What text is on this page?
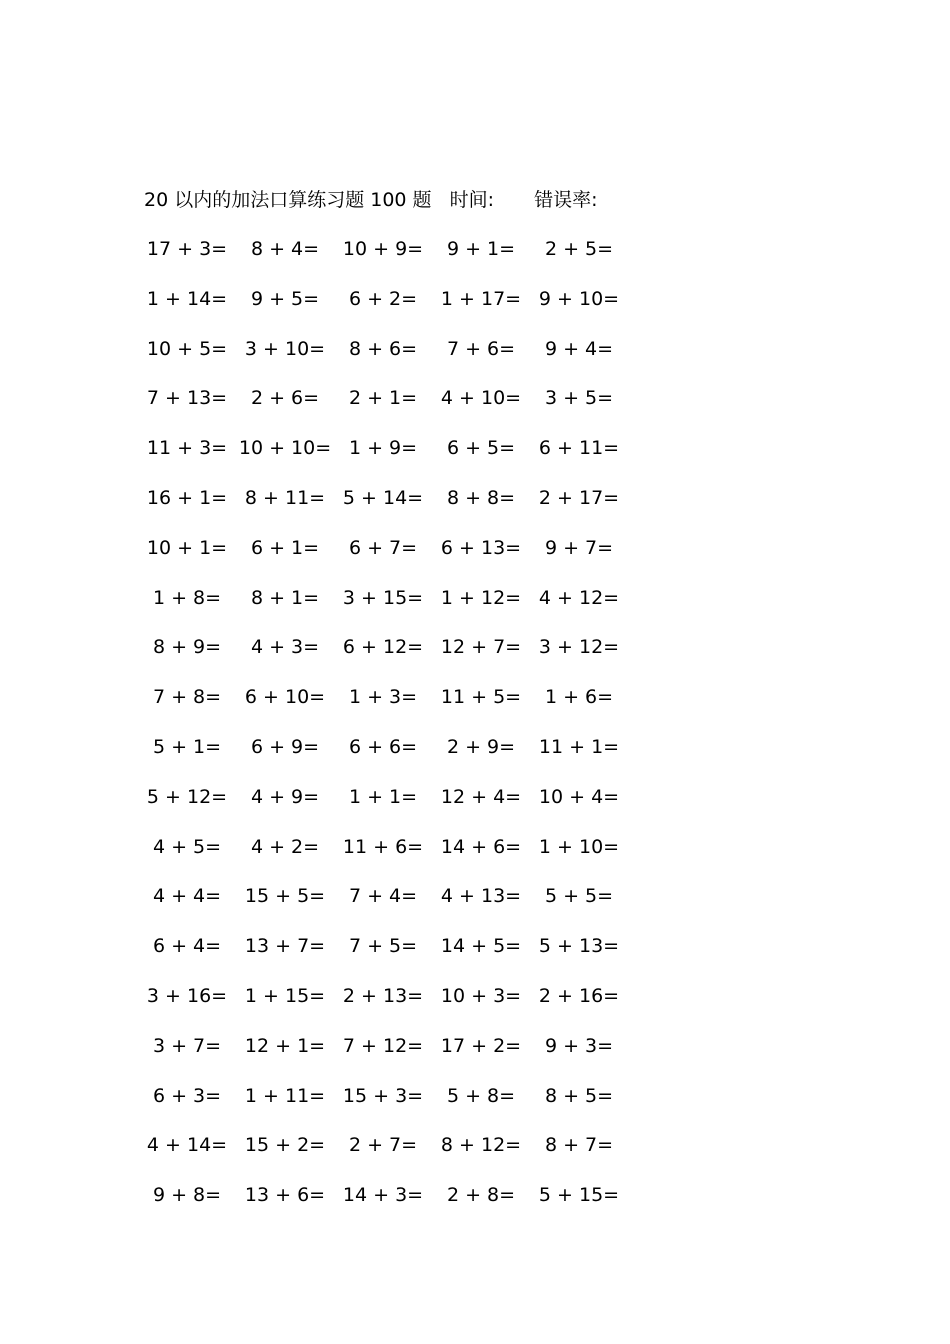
20 以内的加法口算练习题 100 题 时间: 错误率:
17 + 3=	8 + 4=	10 + 9=	9 + 1=	2 + 5=
1 + 14=	9 + 5=	6 + 2=	1 + 17= 9 + 10=
10 + 5= 3 + 10=	8 + 6=	7 + 6=	9 + 4=
7 + 13=	2 + 6=	2 + 1=	4 + 10=	3 + 5=
11 + 3= 10 + 10= 1 + 9=	6 + 5=	6 + 11=
16 + 1= 8 + 11= 5 + 14=	8 + 8=	2 + 17=
10 + 1=	6 + 1=	6 + 7=	6 + 13=	9 + 7=
1 + 8=	8 + 1=	3 + 15= 1 + 12= 4 + 12=
8 + 9=	4 + 3=	6 + 12= 12 + 7= 3 + 12=
7 + 8=	6 + 10=	1 + 3=	11 + 5=	1 + 6=
5 + 1=	6 + 9=	6 + 6=	2 + 9=	11 + 1=
5 + 12=	4 + 9=	1 + 1=	12 + 4= 10 + 4=
4 + 5=	4 + 2=	11 + 6= 14 + 6= 1 + 10=
4 + 4=	15 + 5=	7 + 4=	4 + 13=	5 + 5=
6 + 4=	13 + 7=	7 + 5=	14 + 5= 5 + 13=
3 + 16= 1 + 15= 2 + 13= 10 + 3= 2 + 16=
3 + 7=	12 + 1= 7 + 12= 17 + 2=	9 + 3=
6 + 3=	1 + 11= 15 + 3=	5 + 8=	8 + 5=
4 + 14= 15 + 2=	2 + 7=	8 + 12=	8 + 7=
9 + 8=	13 + 6= 14 + 3=	2 + 8=	5 + 15=
